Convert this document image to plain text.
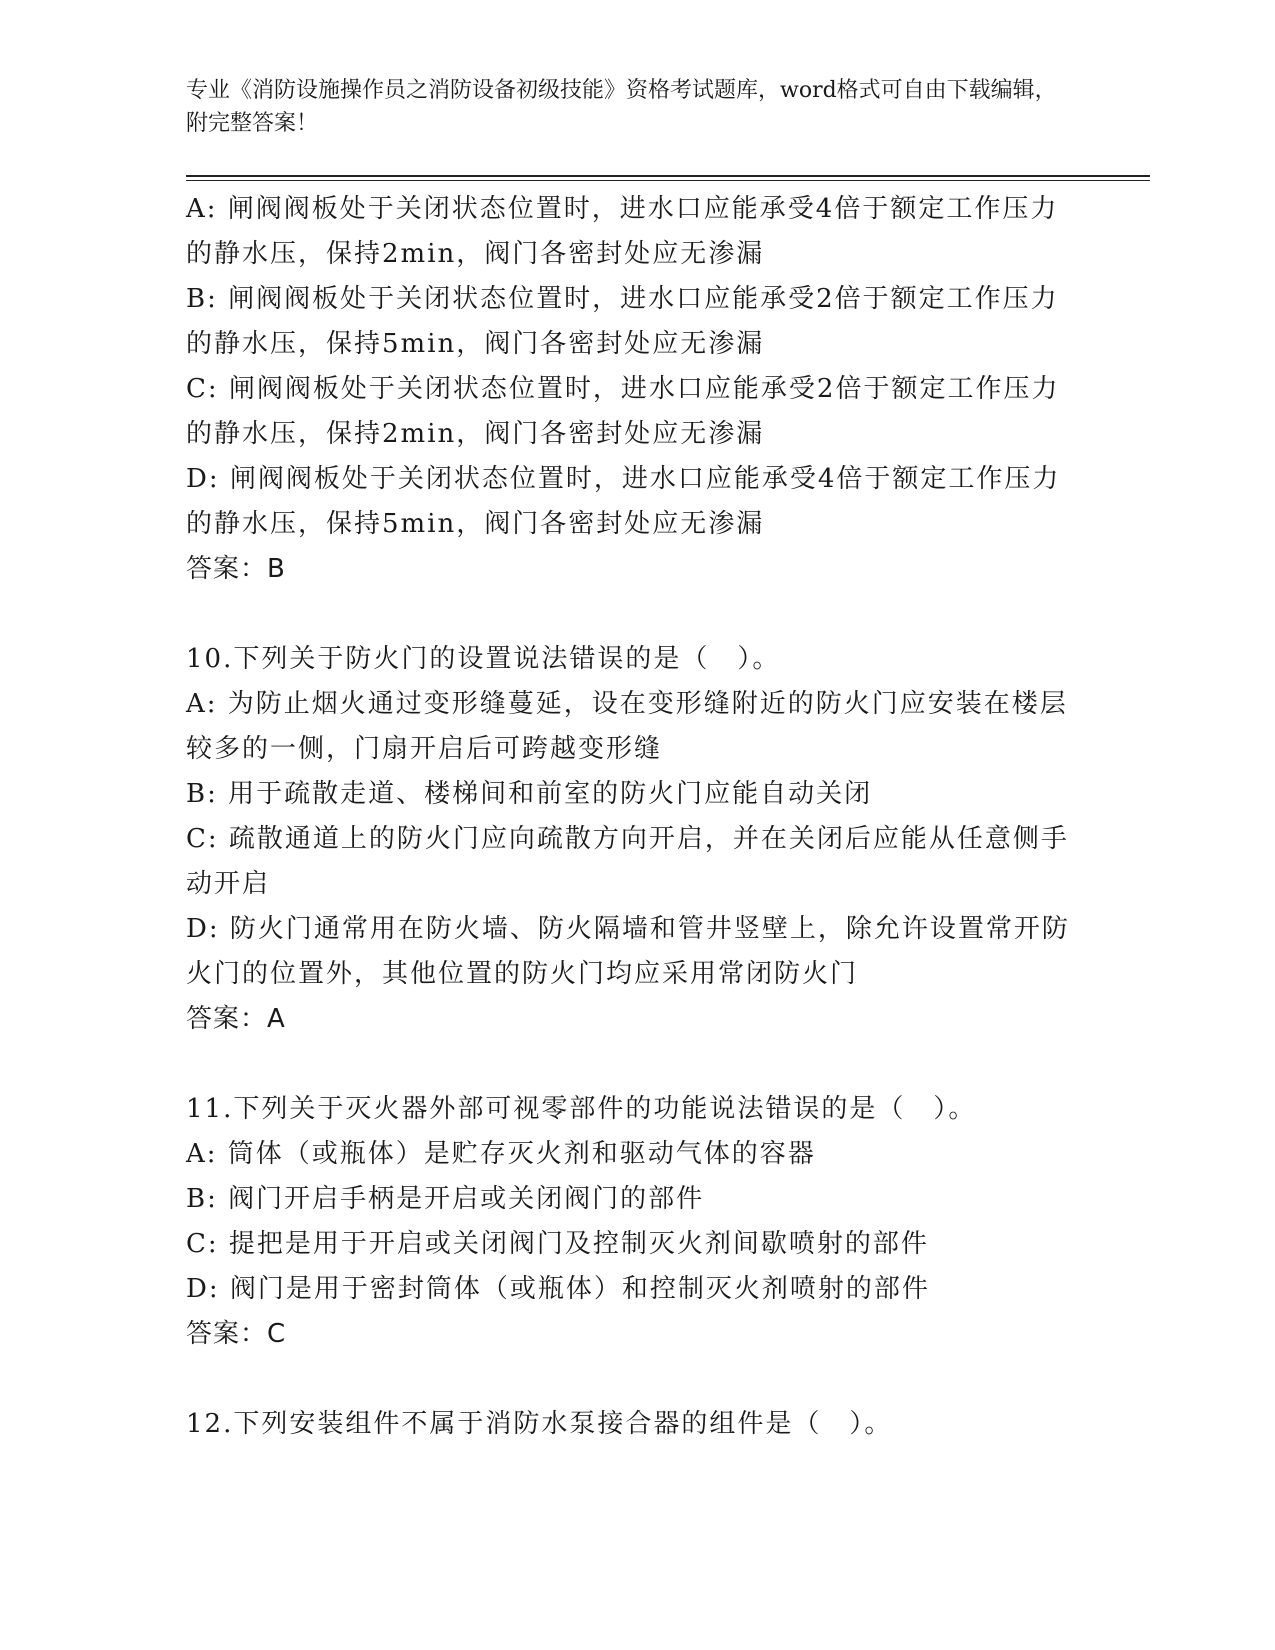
专业《消防设施操作员之消防设备初级技能》资格考试题库，word格式可自由下载编辑，附完整答案！
A: 闸阀阀板处于关闭状态位置时，进水口应能承受4倍于额定工作压力的静水压，保持2min，阀门各密封处应无渗漏
B: 闸阀阀板处于关闭状态位置时，进水口应能承受2倍于额定工作压力的静水压，保持5min，阀门各密封处应无渗漏
C: 闸阀阀板处于关闭状态位置时，进水口应能承受2倍于额定工作压力的静水压，保持2min，阀门各密封处应无渗漏
D: 闸阀阀板处于关闭状态位置时，进水口应能承受4倍于额定工作压力的静水压，保持5min，阀门各密封处应无渗漏
答案：B
10.下列关于防火门的设置说法错误的是（　）。
A: 为防止烟火通过变形缝蔓延，设在变形缝附近的防火门应安装在楼层较多的一侧，门扇开启后可跨越变形缝
B: 用于疏散走道、楼梯间和前室的防火门应能自动关闭
C: 疏散通道上的防火门应向疏散方向开启，并在关闭后应能从任意侧手动开启
D: 防火门通常用在防火墙、防火隔墙和管井竖壁上，除允许设置常开防火门的位置外，其他位置的防火门均应采用常闭防火门
答案：A
11.下列关于灭火器外部可视零部件的功能说法错误的是（　）。
A: 筒体（或瓶体）是贮存灭火剂和驱动气体的容器
B: 阀门开启手柄是开启或关闭阀门的部件
C: 提把是用于开启或关闭阀门及控制灭火剂间歇喷射的部件
D: 阀门是用于密封筒体（或瓶体）和控制灭火剂喷射的部件
答案：C
12.下列安装组件不属于消防水泵接合器的组件是（　）。
